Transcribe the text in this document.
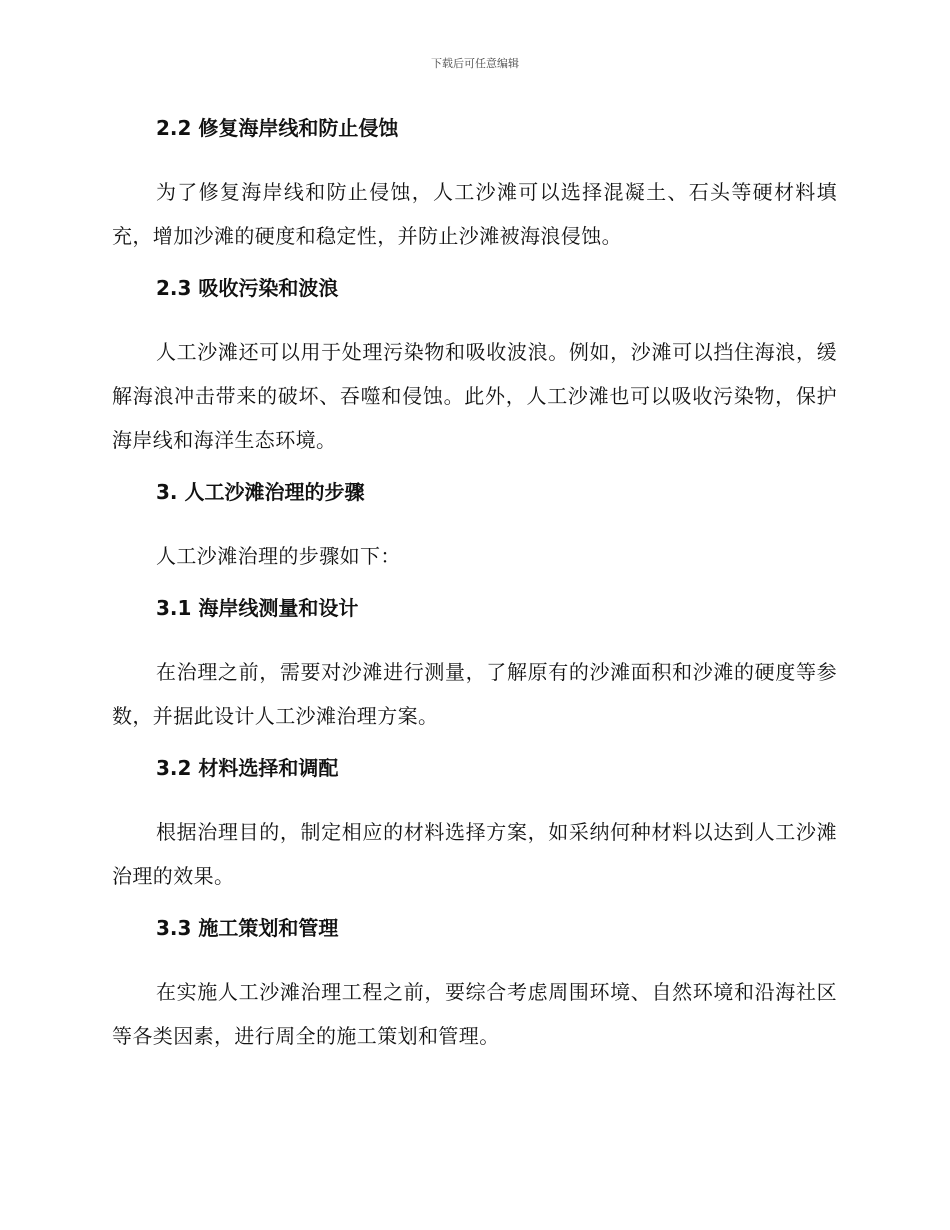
下载后可任意编辑
2.2 修复海岸线和防止侵蚀

为了修复海岸线和防止侵蚀，人工沙滩可以选择混凝土、石头等硬材料填充，增加沙滩的硬度和稳定性，并防止沙滩被海浪侵蚀。

2.3 吸收污染和波浪

人工沙滩还可以用于处理污染物和吸收波浪。例如，沙滩可以挡住海浪，缓解海浪冲击带来的破坏、吞噬和侵蚀。此外，人工沙滩也可以吸收污染物，保护海岸线和海洋生态环境。

3. 人工沙滩治理的步骤

人工沙滩治理的步骤如下：

3.1 海岸线测量和设计

在治理之前，需要对沙滩进行测量，了解原有的沙滩面积和沙滩的硬度等参数，并据此设计人工沙滩治理方案。

3.2 材料选择和调配

根据治理目的，制定相应的材料选择方案，如采纳何种材料以达到人工沙滩治理的效果。

3.3 施工策划和管理

在实施人工沙滩治理工程之前，要综合考虑周围环境、自然环境和沿海社区等各类因素，进行周全的施工策划和管理。
